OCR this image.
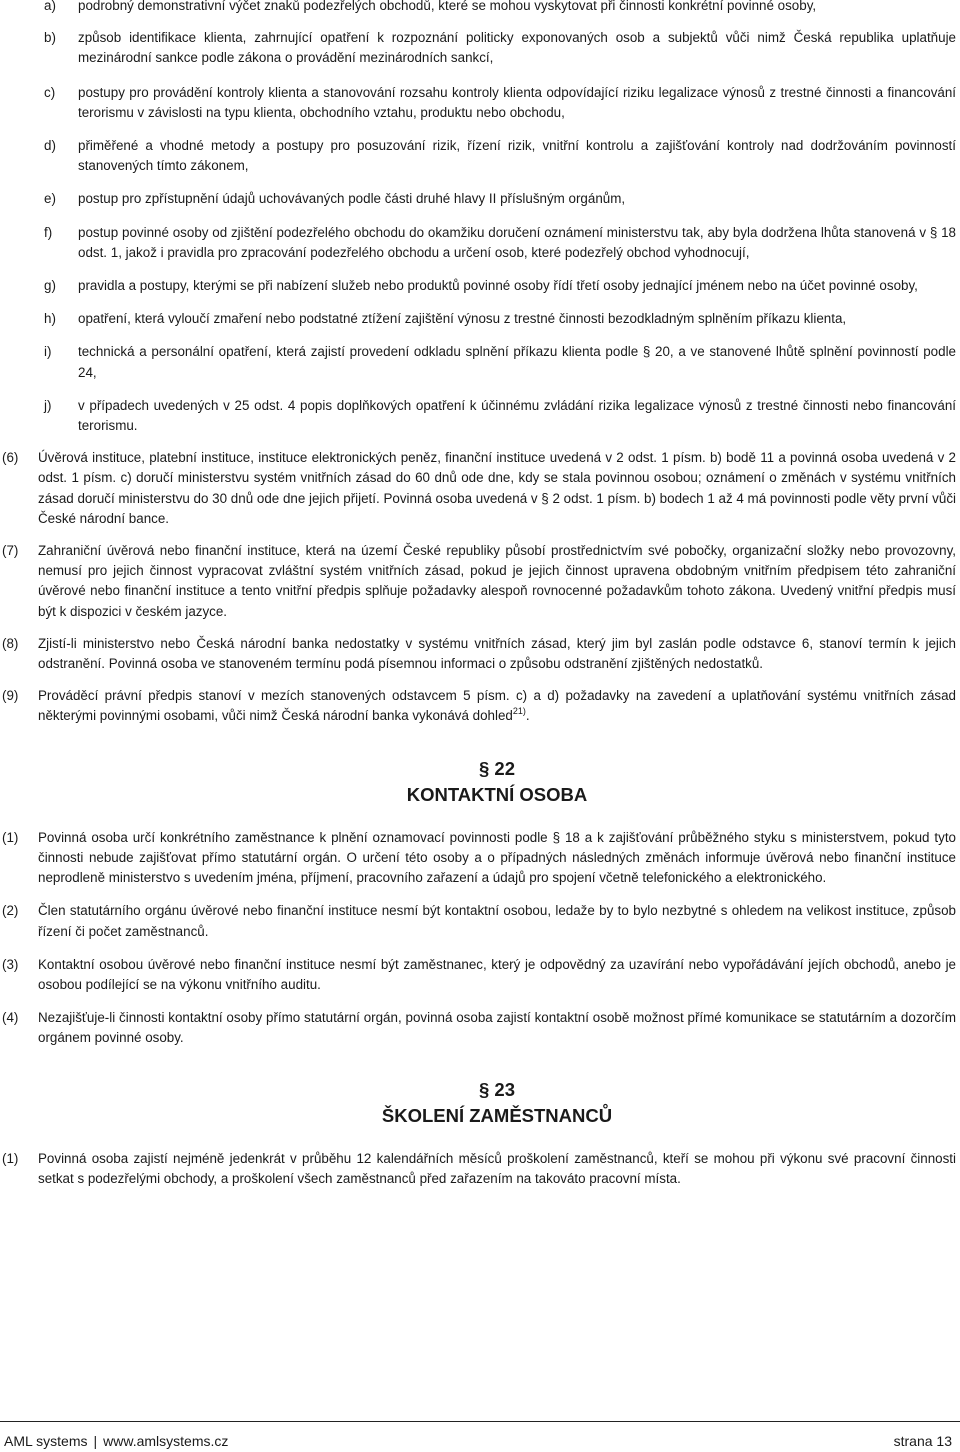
a)	podrobný demonstrativní výčet znaků podezřelých obchodů, které se mohou vyskytovat při činnosti konkrétní povinné osoby,
b)	způsob identifikace klienta, zahrnující opatření k rozpoznání politicky exponovaných osob a subjektů vůči nimž Česká republika uplatňuje mezinárodní sankce podle zákona o provádění mezinárodních sankcí,
c)	postupy pro provádění kontroly klienta a stanovování rozsahu kontroly klienta odpovídající riziku legalizace výnosů z trestné činnosti a financování terorismu v závislosti na typu klienta, obchodního vztahu, produktu nebo obchodu,
d)	přiměřené a vhodné metody a postupy pro posuzování rizik, řízení rizik, vnitřní kontrolu a zajišťování kontroly nad dodržováním povinností stanovených tímto zákonem,
e)	postup pro zpřístupnění údajů uchovávaných podle části druhé hlavy II příslušným orgánům,
f)	postup povinné osoby od zjištění podezřelého obchodu do okamžiku doručení oznámení ministerstvu tak, aby byla dodržena lhůta stanovená v § 18 odst. 1, jakož i pravidla pro zpracování podezřelého obchodu a určení osob, které podezřelý obchod vyhodnocují,
g)	pravidla a postupy, kterými se při nabízení služeb nebo produktů povinné osoby řídí třetí osoby jednající jménem nebo na účet povinné osoby,
h)	opatření, která vyloučí zmaření nebo podstatné ztížení zajištění výnosu z trestné činnosti bezodkladným splněním příkazu klienta,
i)	technická a personální opatření, která zajistí provedení odkladu splnění příkazu klienta podle § 20, a ve stanovené lhůtě splnění povinností podle 24,
j)	v případech uvedených v 25 odst. 4 popis doplňkových opatření k účinnému zvládání rizika legalizace výnosů z trestné činnosti nebo financování terorismu.
(6)	Úvěrová instituce, platební instituce, instituce elektronických peněz, finanční instituce uvedená v 2 odst. 1 písm. b) bodě 11 a povinná osoba uvedená v 2 odst. 1 písm. c) doručí ministerstvu systém vnitřních zásad do 60 dnů ode dne, kdy se stala povinnou osobou; oznámení o změnách v systému vnitřních zásad doručí ministerstvu do 30 dnů ode dne jejich přijetí. Povinná osoba uvedená v § 2 odst. 1 písm. b) bodech 1 až 4 má povinnosti podle věty první vůči České národní bance.
(7)	Zahraniční úvěrová nebo finanční instituce, která na území České republiky působí prostřednictvím své pobočky, organizační složky nebo provozovny, nemusí pro jejich činnost vypracovat zvláštní systém vnitřních zásad, pokud je jejich činnost upravena obdobným vnitřním předpisem této zahraniční úvěrové nebo finanční instituce a tento vnitřní předpis splňuje požadavky alespoň rovnocenné požadavkům tohoto zákona. Uvedený vnitřní předpis musí být k dispozici v českém jazyce.
(8)	Zjistí-li ministerstvo nebo Česká národní banka nedostatky v systému vnitřních zásad, který jim byl zaslán podle odstavce 6, stanoví termín k jejich odstranění. Povinná osoba ve stanoveném termínu podá písemnou informaci o způsobu odstranění zjištěných nedostatků.
(9)	Prováděcí právní předpis stanoví v mezích stanovených odstavcem 5 písm. c) a d) požadavky na zavedení a uplatňování systému vnitřních zásad některými povinnými osobami, vůči nimž Česká národní banka vykonává dohled$^{21)}$.
§ 22
KONTAKTNÍ OSOBA
(1)	Povinná osoba určí konkrétního zaměstnance k plnění oznamovací povinnosti podle § 18 a k zajišťování průběžného styku s ministerstvem, pokud tyto činnosti nebude zajišťovat přímo statutární orgán. O určení této osoby a o případných následných změnách informuje úvěrová nebo finanční instituce neprodleně ministerstvo s uvedením jména, příjmení, pracovního zařazení a údajů pro spojení včetně telefonického a elektronického.
(2)	Člen statutárního orgánu úvěrové nebo finanční instituce nesmí být kontaktní osobou, ledaže by to bylo nezbytné s ohledem na velikost instituce, způsob řízení či počet zaměstnanců.
(3)	Kontaktní osobou úvěrové nebo finanční instituce nesmí být zaměstnanec, který je odpovědný za uzavírání nebo vypořádávání jejích obchodů, anebo je osobou podílející se na výkonu vnitřního auditu.
(4)	Nezajišťuje-li činnosti kontaktní osoby přímo statutární orgán, povinná osoba zajistí kontaktní osobě možnost přímé komunikace se statutárním a dozorčím orgánem povinné osoby.
§ 23
ŠKOLENÍ ZAMĚSTNANCŮ
(1)	Povinná osoba zajistí nejméně jedenkrát v průběhu 12 kalendářních měsíců proškolení zaměstnanců, kteří se mohou při výkonu své pracovní činnosti setkat s podezřelými obchody, a proškolení všech zaměstnanců před zařazením na takováto pracovní místa.
AML systems | www.amlsystems.cz	strana 13
